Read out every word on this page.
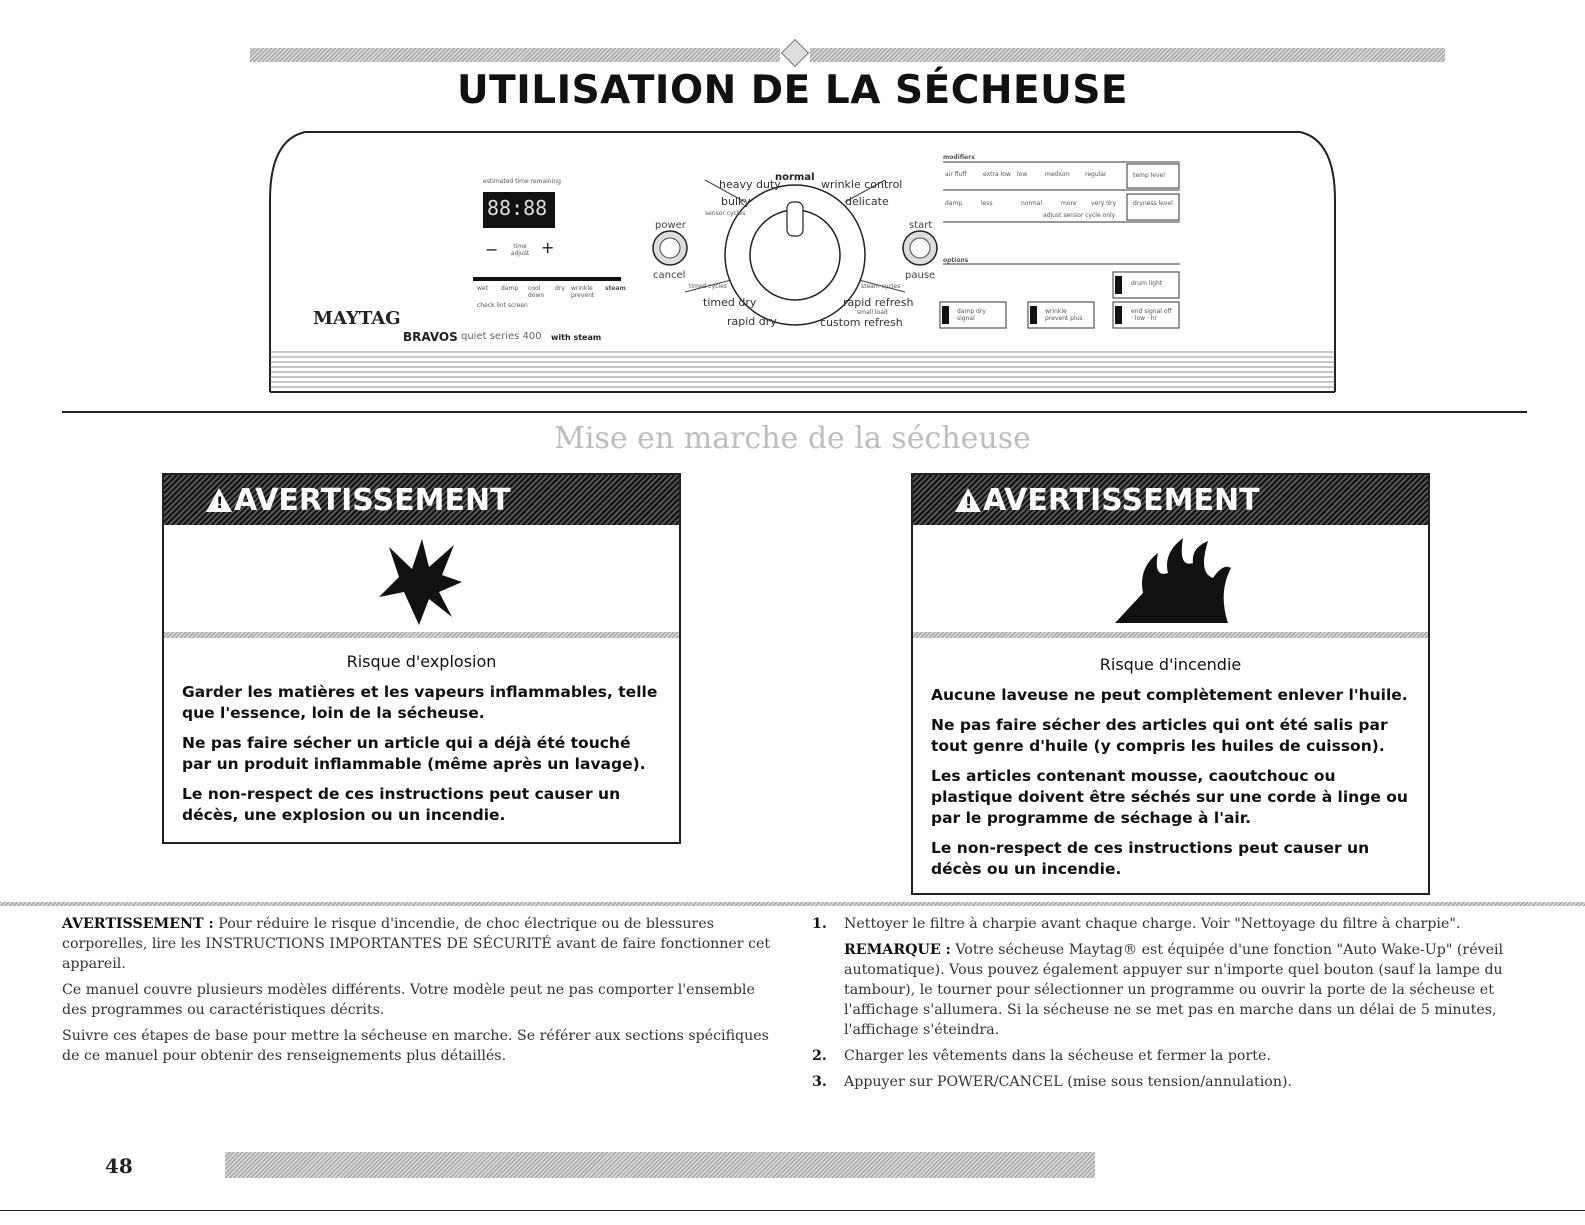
UTILISATION DE LA SÉCHEUSE
estimated time remaining
88:88
−	time adjust +
wet damp cool down
dry wrinkle prevent
steam
check lint screen
MAYTAG
BRAVOS quiet series 400 with steam
power
cancel
start
pause
normal
heavy duty
bulky
sensor cycles
wrinkle control
delicate
timed cycles
timed dry
rapid dry
steam cycles
rapid refresh
small load
custom refresh
modifiers
air fluff	extra low low	medium	regular	temp level
damp	less	normal	more very dry	dryness level
adjust sensor cycle only
options
damp dry signal
wrinkle prevent plus
drum light
end signal off · low · hi
Mise en marche de la sécheuse
! AVERTISSEMENT

Risque d'explosion

Garder les matières et les vapeurs inflammables, telle que l'essence, loin de la sécheuse.

Ne pas faire sécher un article qui a déjà été touché par un produit inflammable (même après un lavage).

Le non-respect de ces instructions peut causer un décès, une explosion ou un incendie.

! AVERTISSEMENT

Risque d'incendie

Aucune laveuse ne peut complètement enlever l'huile.

Ne pas faire sécher des articles qui ont été salis par tout genre d'huile (y compris les huiles de cuisson).

Les articles contenant mousse, caoutchouc ou plastique doivent être séchés sur une corde à linge ou par le programme de séchage à l'air.

Le non-respect de ces instructions peut causer un décès ou un incendie.

AVERTISSEMENT : Pour réduire le risque d'incendie, de choc électrique ou de blessures corporelles, lire les INSTRUCTIONS IMPORTANTES DE SÉCURITÉ avant de faire fonctionner cet appareil.

Ce manuel couvre plusieurs modèles différents. Votre modèle peut ne pas comporter l'ensemble des programmes ou caractéristiques décrits.

Suivre ces étapes de base pour mettre la sécheuse en marche. Se référer aux sections spécifiques de ce manuel pour obtenir des renseignements plus détaillés.

1. Nettoyer le filtre à charpie avant chaque charge. Voir "Nettoyage du filtre à charpie".
REMARQUE : Votre sécheuse Maytag® est équipée d'une fonction "Auto Wake-Up" (réveil automatique). Vous pouvez également appuyer sur n'importe quel bouton (sauf la lampe du tambour), le tourner pour sélectionner un programme ou ouvrir la porte de la sécheuse et l'affichage s'allumera. Si la sécheuse ne se met pas en marche dans un délai de 5 minutes, l'affichage s'éteindra.
2. Charger les vêtements dans la sécheuse et fermer la porte.
3. Appuyer sur POWER/CANCEL (mise sous tension/annulation).
48
